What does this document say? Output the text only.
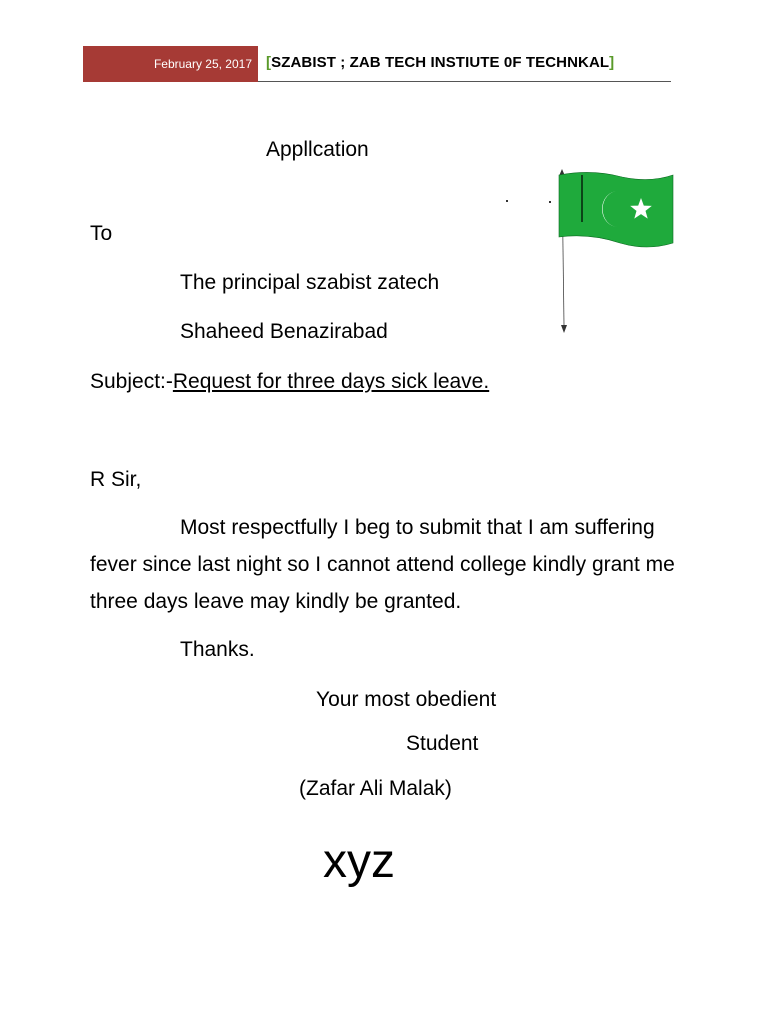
February 25, 2017 [SZABIST ; ZAB TECH INSTIUTE 0F TECHNKAL]
Appllcation
To
The principal szabist zatech
Shaheed Benazirabad
Subject:-Request for three days sick leave.
R Sir,
Most respectfully I beg to submit that I am suffering fever since last night so I cannot attend college kindly grant me three days leave may kindly be granted.
Thanks.
Your most obedient
Student
(Zafar Ali Malak)
xyz
